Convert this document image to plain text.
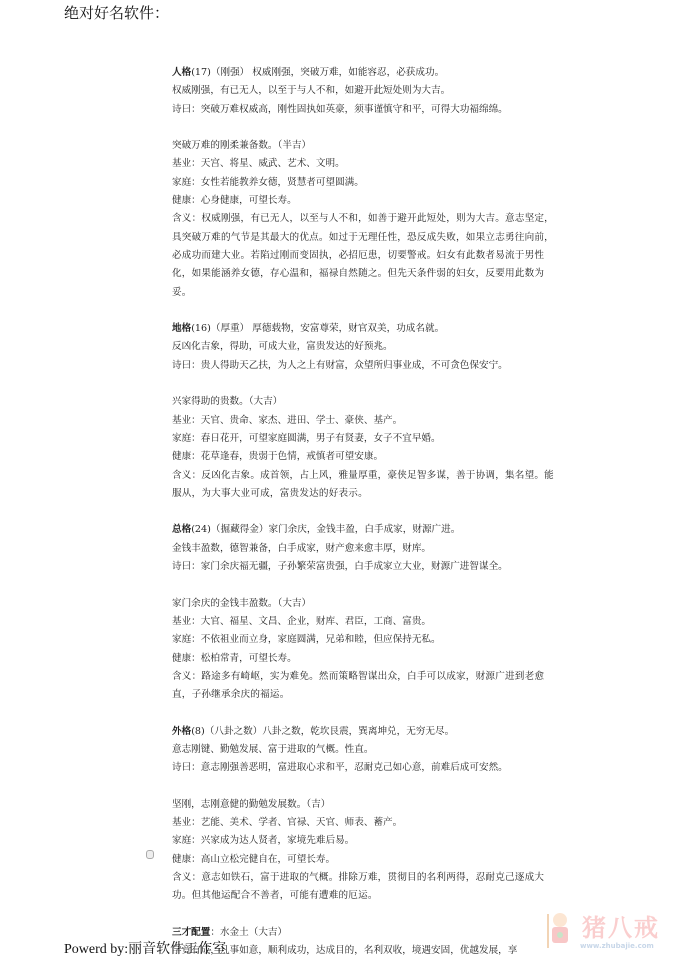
绝对好名软件：
人格(17)（刚强） 权威刚强，突破万难，如能容忍，必获成功。
权威刚强，有已无人，以至于与人不和，如避开此短处则为大吉。
诗曰：突破万难权威高，刚性固执如英豪，须事谨慎守和平，可得大功福绵绵。
突破万难的刚柔兼备数。（半吉）
基业：天宫、将星、威武、艺术、文明。
家庭：女性若能教养女德，贤慧者可望圆满。
健康：心身健康，可望长寿。
含义：权威刚强，有已无人，以至与人不和，如善于避开此短处，则为大吉。意志坚定，具突破万难的气节是其最大的优点。如过于无理任性，恐反成失败，如果立志勇往向前，必成功而建大业。若陷过刚而变固执，必招厄患，切要警戒。妇女有此数者易流于男性化，如果能涵养女德，存心温和，福禄自然随之。但先天条件弱的妇女，反要用此数为妥。
地格(16)（厚重） 厚德载物，安富尊荣，财官双美，功成名就。
反凶化吉象，得助，可成大业，富贵发达的好预兆。
诗曰：贵人得助天乙扶，为人之上有财富，众望所归事业成，不可贪色保安宁。
兴家得助的贵数。（大吉）
基业：天官、贵命、家杰、进田、学士、豪侠、基产。
家庭：春日花开，可望家庭圆满，男子有贤妻，女子不宜早婚。
健康：花草逢春，贵弱于色情，戒慎者可望安康。
含义：反凶化吉象。成首领，占上风，雅量厚重，豪侠足智多谋，善于协调，集名望。能服从，为大事大业可成，富贵发达的好表示。
总格(24)（掘藏得金）家门余庆，金钱丰盈，白手成家，财源广进。
金钱丰盈数，德智兼备，白手成家，财产愈来愈丰厚，财库。
诗曰：家门余庆福无疆，子孙繁荣富贵强，白手成家立大业，财源广进智谋全。
家门余庆的金钱丰盈数。（大吉）
基业：大官、福星、文昌、企业，财库、君臣，工商、富贵。
家庭：不依祖业而立身，家庭圆满，兄弟和睦，但应保持无私。
健康：松柏常青，可望长寿。
含义：路途多有崎岖，实为难免。然而策略智谋出众，白手可以成家，财源广进到老愈直，子孙继承余庆的福运。
外格(8)（八卦之数）八卦之数，乾坎艮震，巽离坤兑，无穷无尽。
意志刚键、勤勉发展、富于进取的气概。性直。
诗曰：意志刚强善恶明，富进取心求和平，忍耐克己如心意，前难后成可安然。
坚刚，志刚意健的勤勉发展数。（吉）
基业：艺能、美术、学者、官禄、天官、师表、蓄产。
家庭：兴家成为达人贤者，家境先难后易。
健康：高山立松完健自在，可望长寿。
含义：意志如铁石，富于进取的气概。排除万难，贯彻目的名利两得，忍耐克己逐成大功。但其他运配合不善者，可能有遭难的厄运。
三才配置：水金土（大吉）
学竟有成，凡事如意，顺利成功，达成目的，名利双收，境遇安固，优越发展，享
Powerd by:丽音软件工作室
猪八戒
www.zhubajie.com
